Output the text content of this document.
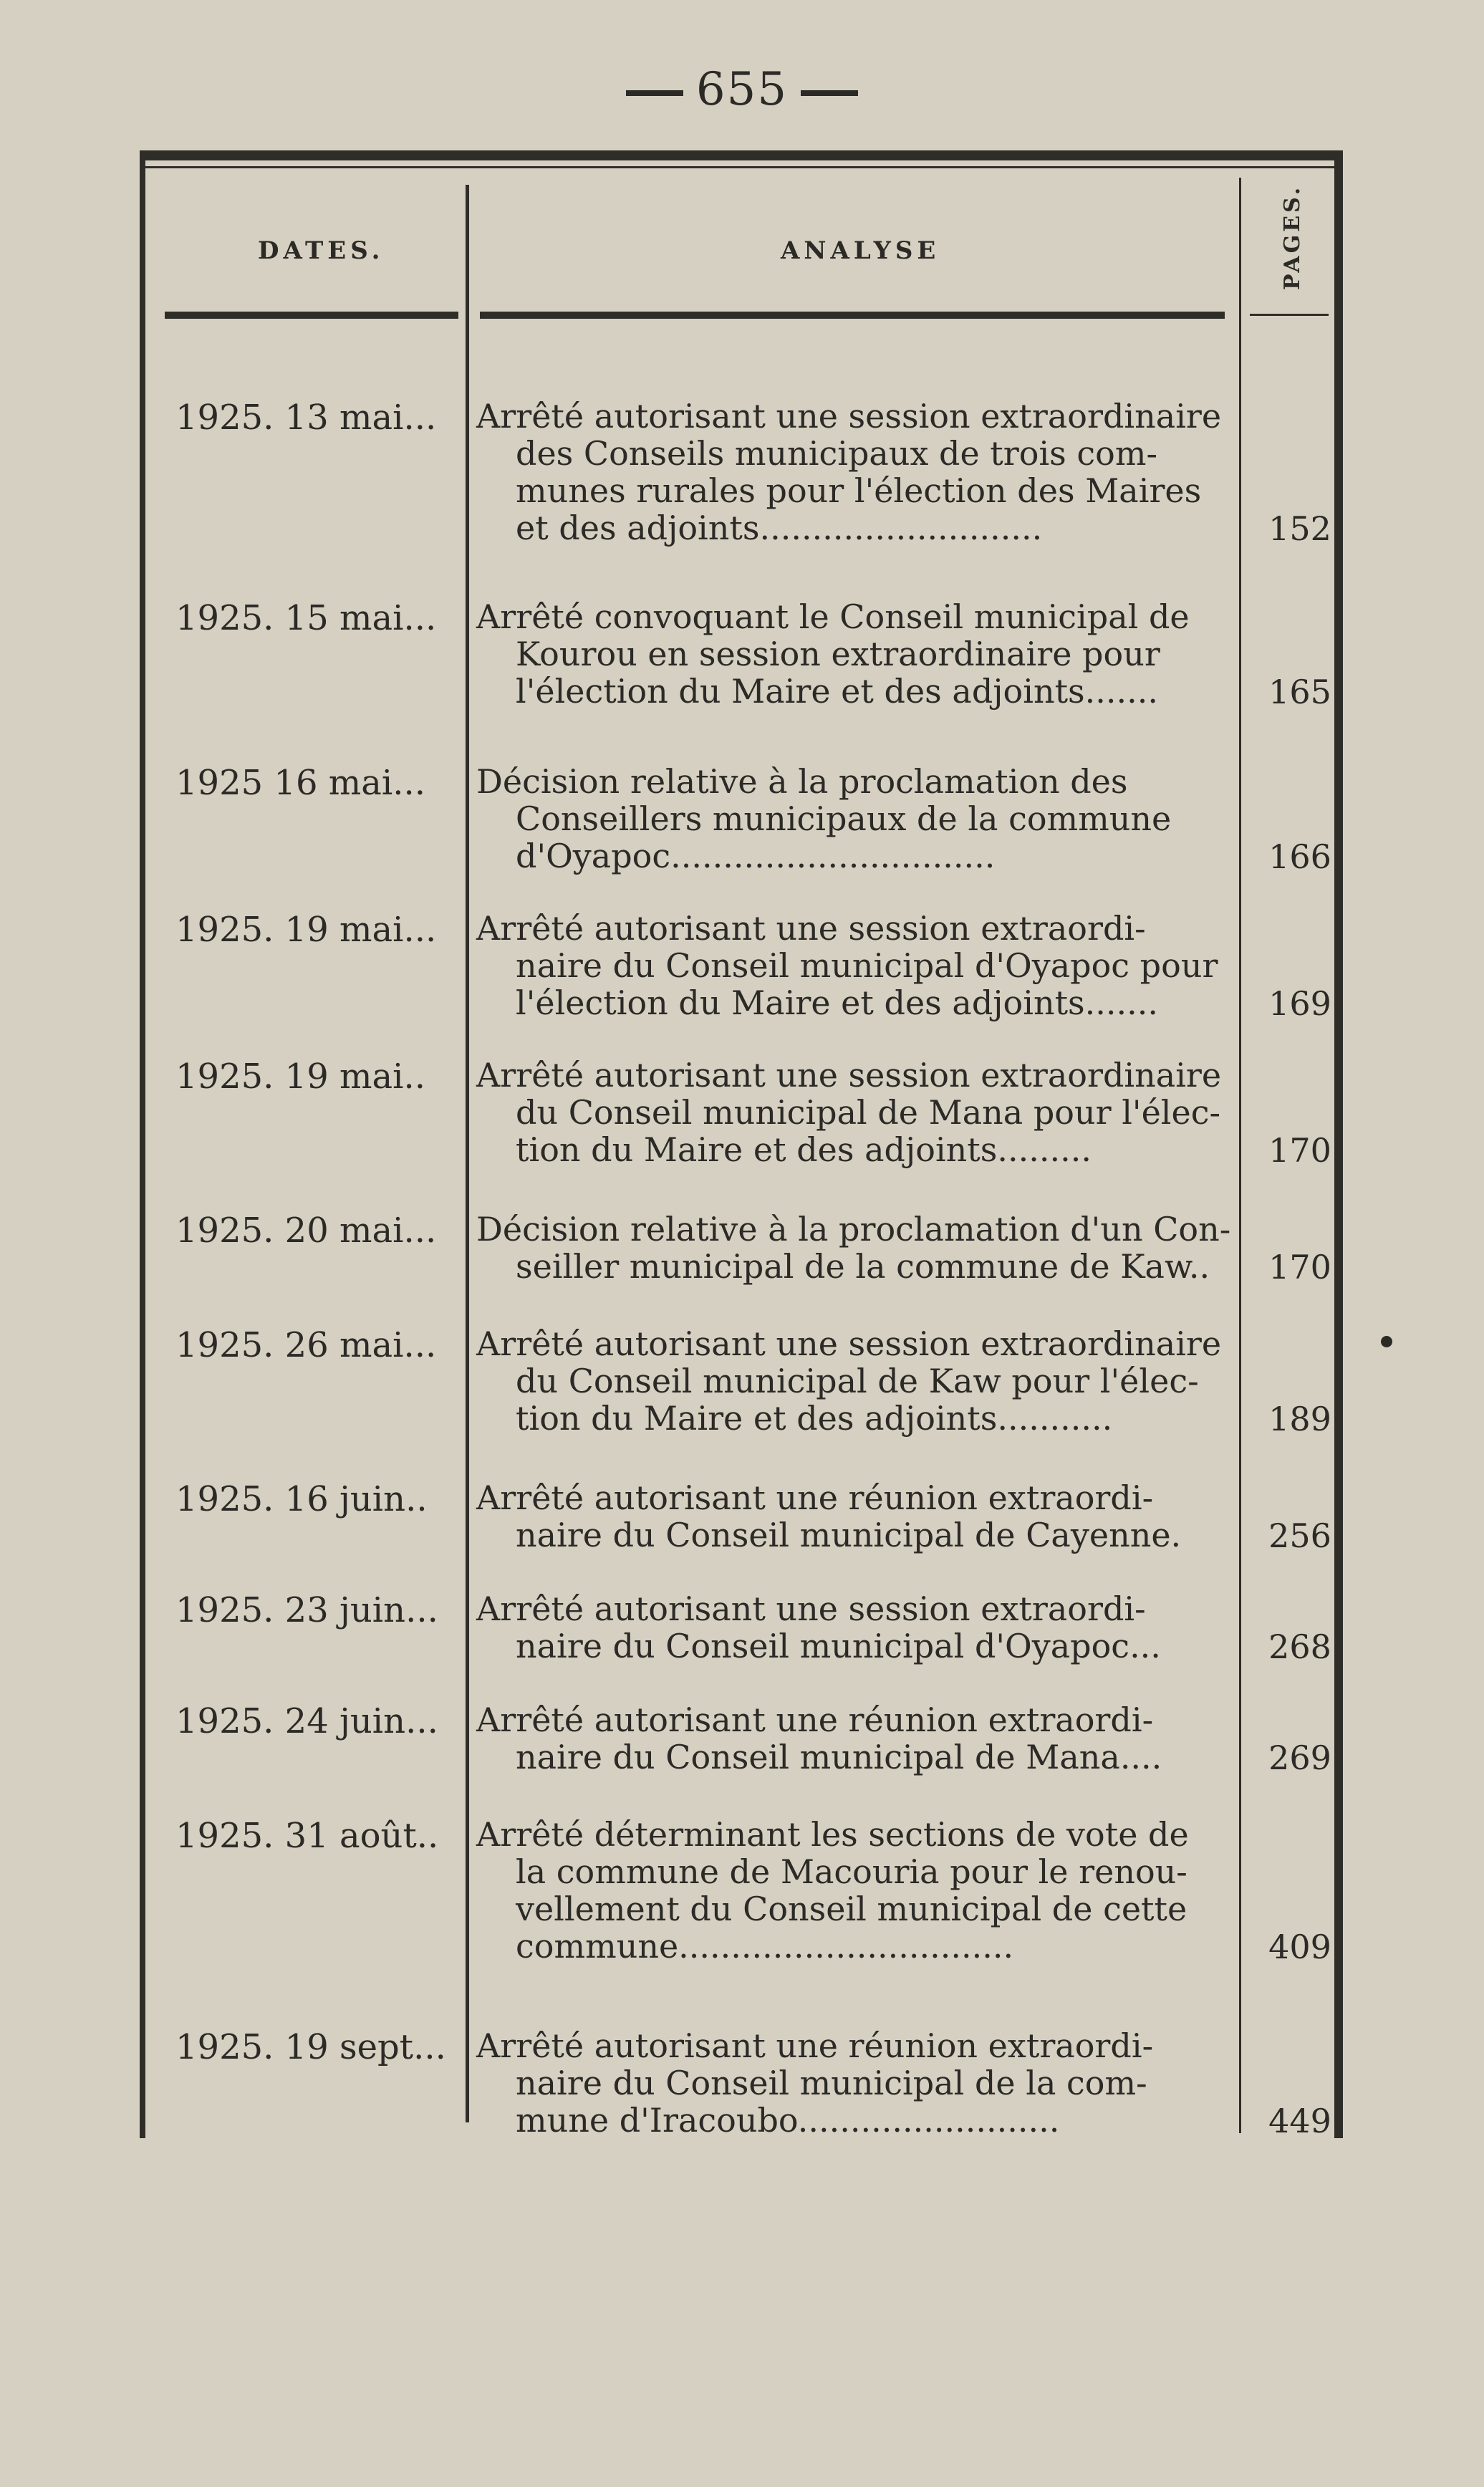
655
DATES.	ANALYSE	PAGES.
1925. 13 mai...	Arrêté autorisant une session extraordinaire
des Conseils municipaux de trois com-
munes rurales pour l'élection des Maires
et des adjoints...........................	152
1925. 15 mai...	Arrêté convoquant le Conseil municipal de
Kourou en session extraordinaire pour
l'élection du Maire et des adjoints.......	165
1925 16 mai...	Décision relative à la proclamation des
Conseillers municipaux de la commune
d'Oyapoc...............................	166
1925. 19 mai...	Arrêté autorisant une session extraordi-
naire du Conseil municipal d'Oyapoc pour
l'élection du Maire et des adjoints.......	169
1925. 19 mai..	Arrêté autorisant une session extraordinaire
du Conseil municipal de Mana pour l'élec-
tion du Maire et des adjoints.........	170
1925. 20 mai...	Décision relative à la proclamation d'un Con-
seiller municipal de la commune de Kaw..	170
1925. 26 mai...	Arrêté autorisant une session extraordinaire
du Conseil municipal de Kaw pour l'élec-
tion du Maire et des adjoints...........	189
1925. 16 juin..	Arrêté autorisant une réunion extraordi-
naire du Conseil municipal de Cayenne.	256
1925. 23 juin...	Arrêté autorisant une session extraordi-
naire du Conseil municipal d'Oyapoc...	268
1925. 24 juin...	Arrêté autorisant une réunion extraordi-
naire du Conseil municipal de Mana....	269
1925. 31 août..	Arrêté déterminant les sections de vote de
la commune de Macouria pour le renou-
vellement du Conseil municipal de cette
commune................................	409
1925. 19 sept... Arrêté autorisant une réunion extraordi-
naire du Conseil municipal de la com-
mune d'Iracoubo.........................	449
